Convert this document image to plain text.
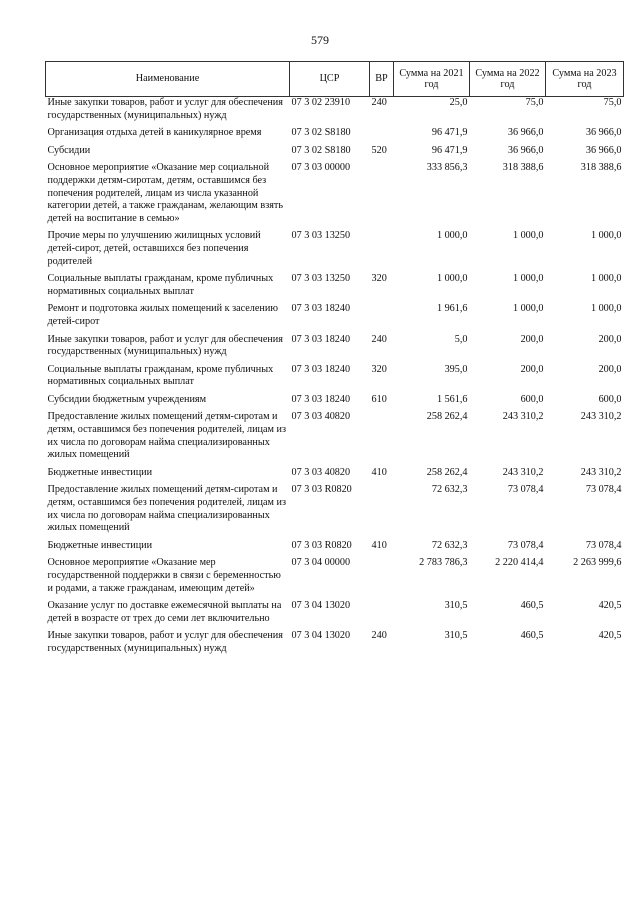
579
Наименование	ЦСР	ВР	Сумма на 2021 год	Сумма на 2022 год	Сумма на 2023 год
Иные закупки товаров, работ и услуг для обеспечения государственных (муниципальных) нужд	07 3 02 23910	240	25,0	75,0	75,0
Организация отдыха детей в каникулярное время	07 3 02 S8180		96 471,9	36 966,0	36 966,0
Субсидии	07 3 02 S8180	520	96 471,9	36 966,0	36 966,0
Основное мероприятие «Оказание мер социальной поддержки детям-сиротам, детям, оставшимся без попечения родителей, лицам из числа указанной категории детей, а также гражданам, желающим взять детей на воспитание в семью»	07 3 03 00000		333 856,3	318 388,6	318 388,6
Прочие меры по улучшению жилищных условий детей-сирот, детей, оставшихся без попечения родителей	07 3 03 13250		1 000,0	1 000,0	1 000,0
Социальные выплаты гражданам, кроме публичных нормативных социальных выплат	07 3 03 13250	320	1 000,0	1 000,0	1 000,0
Ремонт и подготовка жилых помещений к заселению детей-сирот	07 3 03 18240		1 961,6	1 000,0	1 000,0
Иные закупки товаров, работ и услуг для обеспечения государственных (муниципальных) нужд	07 3 03 18240	240	5,0	200,0	200,0
Социальные выплаты гражданам, кроме публичных нормативных социальных выплат	07 3 03 18240	320	395,0	200,0	200,0
Субсидии бюджетным учреждениям	07 3 03 18240	610	1 561,6	600,0	600,0
Предоставление жилых помещений детям-сиротам и детям, оставшимся без попечения родителей, лицам из их числа по договорам найма специализированных жилых помещений	07 3 03 40820		258 262,4	243 310,2	243 310,2
Бюджетные инвестиции	07 3 03 40820	410	258 262,4	243 310,2	243 310,2
Предоставление жилых помещений детям-сиротам и детям, оставшимся без попечения родителей, лицам из их числа по договорам найма специализированных жилых помещений	07 3 03 R0820		72 632,3	73 078,4	73 078,4
Бюджетные инвестиции	07 3 03 R0820	410	72 632,3	73 078,4	73 078,4
Основное мероприятие «Оказание мер государственной поддержки в связи с беременностью и родами, а также гражданам, имеющим детей»	07 3 04 00000		2 783 786,3	2 220 414,4	2 263 999,6
Оказание услуг по доставке ежемесячной выплаты на детей в возрасте от трех до семи лет включительно	07 3 04 13020		310,5	460,5	420,5
Иные закупки товаров, работ и услуг для обеспечения государственных (муниципальных) нужд	07 3 04 13020	240	310,5	460,5	420,5
